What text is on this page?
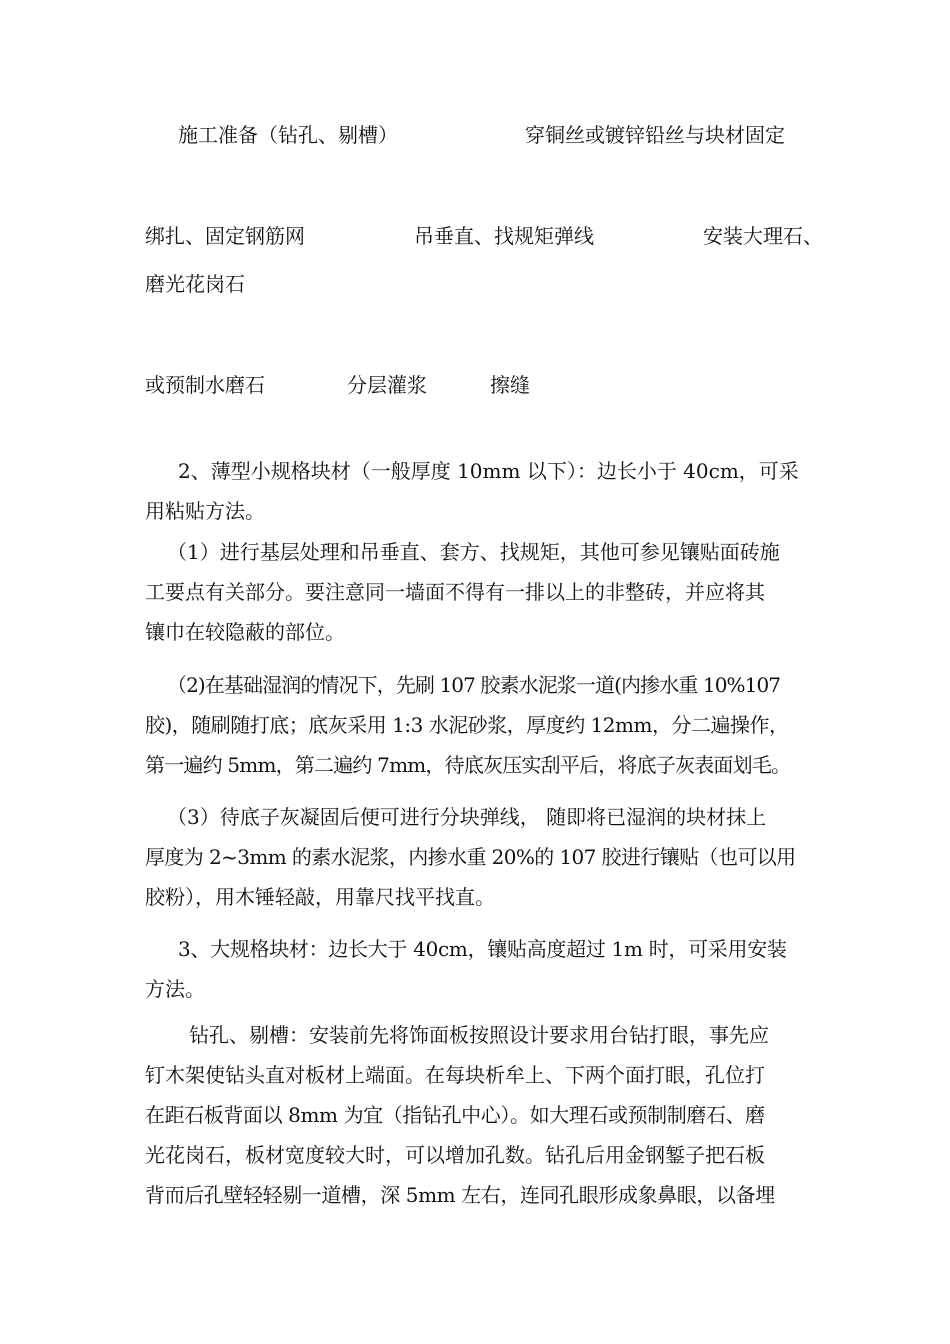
施工准备（钻孔、剔槽）	穿铜丝或镀锌铅丝与块材固定
绑扎、固定钢筋网	吊垂直、找规矩弹线	安装大理石、
磨光花岗石
或预制水磨石	分层灌浆	擦缝
2、薄型小规格块材（一般厚度 10mm 以下）：边长小于 40cm，可采
用粘贴方法。
（1）进行基层处理和吊垂直、套方、找规矩，其他可参见镶贴面砖施
工要点有关部分。要注意同一墙面不得有一排以上的非整砖，并应将其
镶巾在较隐蔽的部位。
（2)在基础湿润的情况下，先刷 107 胶素水泥浆一道(内掺水重 10%107
胶)，随刷随打底；底灰采用 1:3 水泥砂浆，厚度约 12mm，分二遍操作，
第一遍约 5mm，第二遍约 7mm，待底灰压实刮平后，将底子灰表面划毛。
（3）待底子灰凝固后便可进行分块弹线， 随即将已湿润的块材抹上
厚度为 2~3mm 的素水泥浆，内掺水重 20%的 107 胶进行镶贴（也可以用
胶粉），用木锤轻敲，用靠尺找平找直。
3、大规格块材：边长大于 40cm，镶贴高度超过 1m 时，可采用安装
方法。
钻孔、剔槽：安装前先将饰面板按照设计要求用台钻打眼，事先应
钉木架使钻头直对板材上端面。在每块析牟上、下两个面打眼，孔位打
在距石板背面以 8mm 为宜（指钻孔中心）。如大理石或预制制磨石、磨
光花岗石，板材宽度较大时，可以增加孔数。钻孔后用金钢錾子把石板
背而后孔壁轻轻剔一道槽，深 5mm 左右，连同孔眼形成象鼻眼，以备埋
